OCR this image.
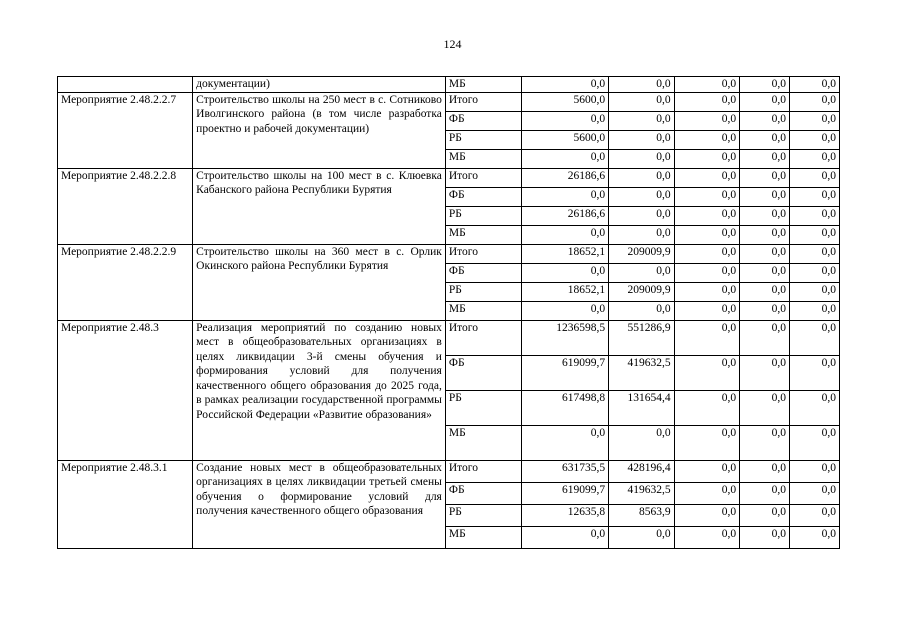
124
	документации)	МБ	0,0	0,0	0,0	0,0	0,0
Мероприятие 2.48.2.2.7	Строительство школы на 250 мест в с. Сотниково Иволгинского района (в том числе разработка проектно и рабочей документации)	Итого	5600,0	0,0	0,0	0,0	0,0
		ФБ	0,0	0,0	0,0	0,0	0,0
		РБ	5600,0	0,0	0,0	0,0	0,0
		МБ	0,0	0,0	0,0	0,0	0,0
Мероприятие 2.48.2.2.8	Строительство школы на 100 мест в с. Клюевка Кабанского района Республики Бурятия	Итого	26186,6	0,0	0,0	0,0	0,0
		ФБ	0,0	0,0	0,0	0,0	0,0
		РБ	26186,6	0,0	0,0	0,0	0,0
		МБ	0,0	0,0	0,0	0,0	0,0
Мероприятие 2.48.2.2.9	Строительство школы на 360 мест в с. Орлик Окинского района Республики Бурятия	Итого	18652,1	209009,9	0,0	0,0	0,0
		ФБ	0,0	0,0	0,0	0,0	0,0
		РБ	18652,1	209009,9	0,0	0,0	0,0
		МБ	0,0	0,0	0,0	0,0	0,0
Мероприятие 2.48.3	Реализация мероприятий по созданию новых мест в общеобразовательных организациях в целях ликвидации 3-й смены обучения и формирования условий для получения качественного общего образования до 2025 года, в рамках реализации государственной программы Российской Федерации «Развитие образования»	Итого	1236598,5	551286,9	0,0	0,0	0,0
		ФБ	619099,7	419632,5	0,0	0,0	0,0
		РБ	617498,8	131654,4	0,0	0,0	0,0
		МБ	0,0	0,0	0,0	0,0	0,0
Мероприятие 2.48.3.1	Создание новых мест в общеобразовательных организациях в целях ликвидации третьей смены обучения о формирование условий для получения качественного общего образования	Итого	631735,5	428196,4	0,0	0,0	0,0
		ФБ	619099,7	419632,5	0,0	0,0	0,0
		РБ	12635,8	8563,9	0,0	0,0	0,0
		МБ	0,0	0,0	0,0	0,0	0,0
